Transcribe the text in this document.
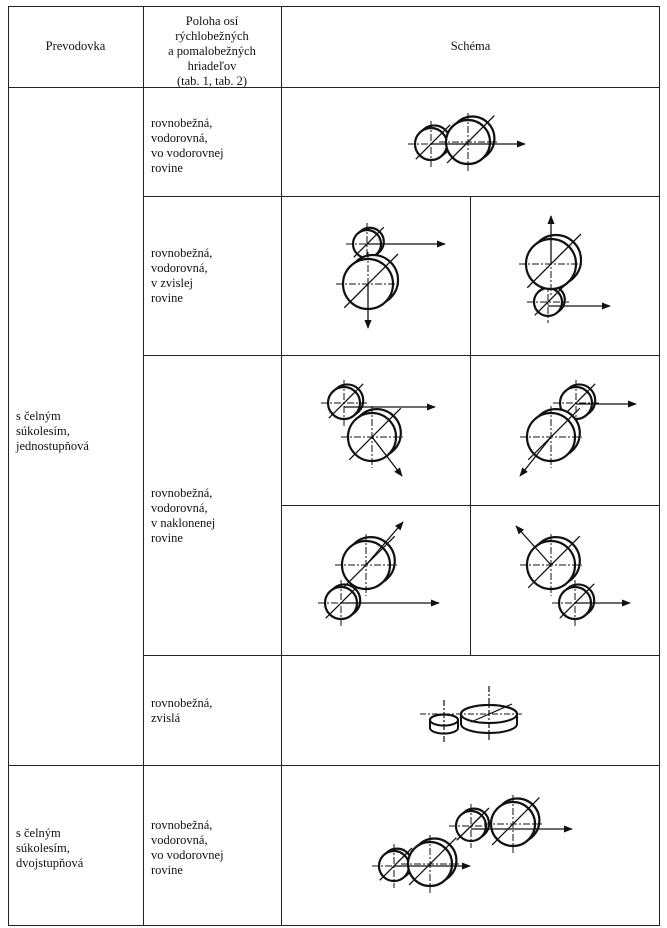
Prevodovka
Poloha osí
rýchlobežných
a pomalobežných
hriadeľov
(tab. 1, tab. 2)
Schéma
s čelným
súkolesím,
jednostupňová
s čelným
súkolesím,
dvojstupňová
rovnobežná,
vodorovná,
vo vodorovnej
rovine
rovnobežná,
vodorovná,
v zvislej
rovine
rovnobežná,
vodorovná,
v naklonenej
rovine
rovnobežná,
zvislá
rovnobežná,
vodorovná,
vo vodorovnej
rovine
